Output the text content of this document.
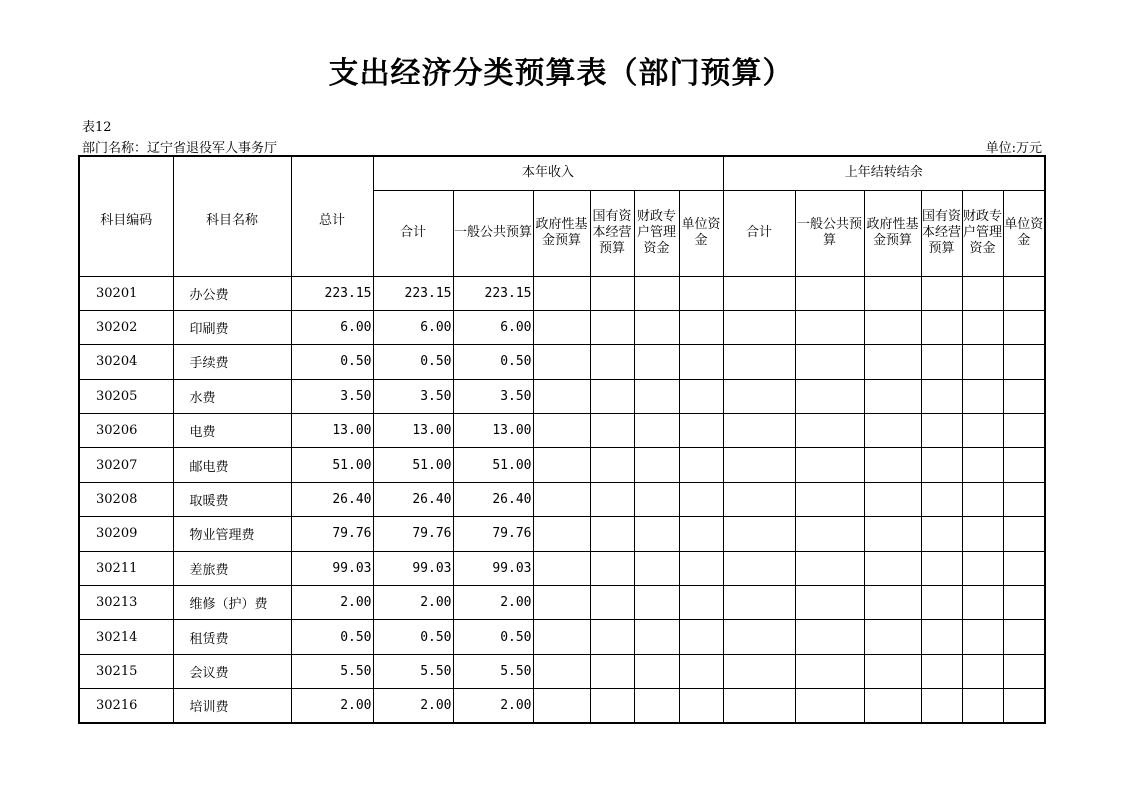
支出经济分类预算表（部门预算）
表12
部门名称：辽宁省退役军人事务厅	单位:万元
科目编码	科目名称	总计	本年收入						上年结转结余					
			合计	一般公共预算	政府性基金预算	国有资本经营预算	财政专户管理资金	单位资金	合计	一般公共预算	政府性基金预算	国有资本经营预算	财政专户管理资金	单位资金
30201	办公费	223.15	223.15	223.15										
30202	印刷费	6.00	6.00	6.00										
30204	手续费	0.50	0.50	0.50										
30205	水费	3.50	3.50	3.50										
30206	电费	13.00	13.00	13.00										
30207	邮电费	51.00	51.00	51.00										
30208	取暖费	26.40	26.40	26.40										
30209	物业管理费	79.76	79.76	79.76										
30211	差旅费	99.03	99.03	99.03										
30213	维修（护）费	2.00	2.00	2.00										
30214	租赁费	0.50	0.50	0.50										
30215	会议费	5.50	5.50	5.50										
30216	培训费	2.00	2.00	2.00										
